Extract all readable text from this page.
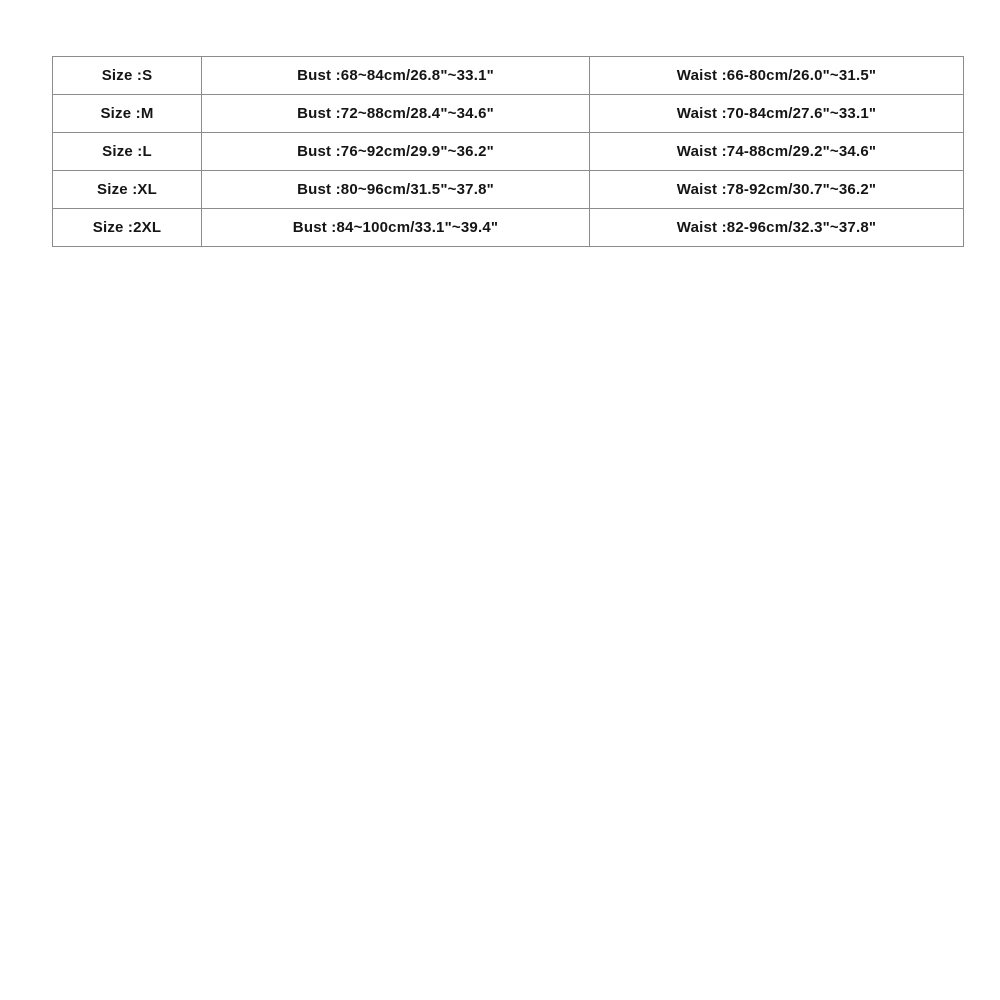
Size :S	Bust :68~84cm/26.8"~33.1"	Waist :66-80cm/26.0"~31.5"
Size :M	Bust :72~88cm/28.4"~34.6"	Waist :70-84cm/27.6"~33.1"
Size :L	Bust :76~92cm/29.9"~36.2"	Waist :74-88cm/29.2"~34.6"
Size :XL	Bust :80~96cm/31.5"~37.8"	Waist :78-92cm/30.7"~36.2"
Size :2XL	Bust :84~100cm/33.1"~39.4"	Waist :82-96cm/32.3"~37.8"
